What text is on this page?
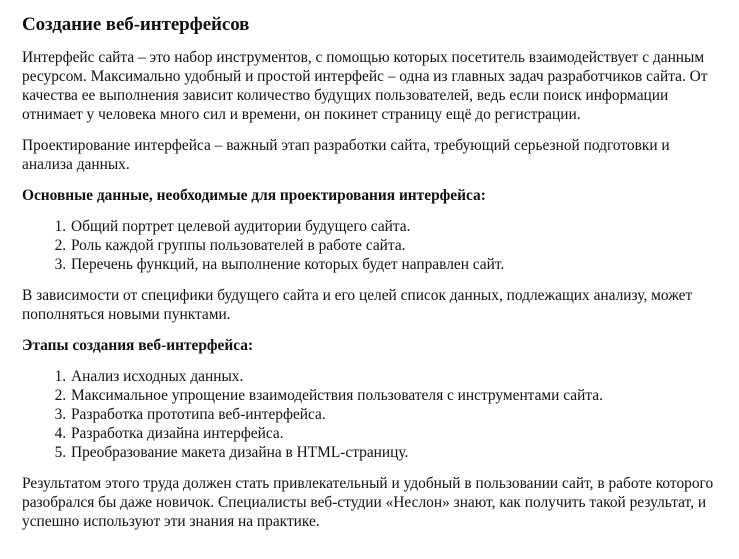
Создание веб-интерфейсов

Интерфейс сайта – это набор инструментов, с помощью которых посетитель взаимодействует с данным ресурсом. Максимально удобный и простой интерфейс – одна из главных задач разработчиков сайта. От качества ее выполнения зависит количество будущих пользователей, ведь если поиск информации отнимает у человека много сил и времени, он покинет страницу ещё до регистрации.

Проектирование интерфейса – важный этап разработки сайта, требующий серьезной подготовки и анализа данных.

Основные данные, необходимые для проектирования интерфейса:

1. Общий портрет целевой аудитории будущего сайта.
2. Роль каждой группы пользователей в работе сайта.
3. Перечень функций, на выполнение которых будет направлен сайт.

В зависимости от специфики будущего сайта и его целей список данных, подлежащих анализу, может пополняться новыми пунктами.

Этапы создания веб-интерфейса:

1. Анализ исходных данных.
2. Максимальное упрощение взаимодействия пользователя с инструментами сайта.
3. Разработка прототипа веб-интерфейса.
4. Разработка дизайна интерфейса.
5. Преобразование макета дизайна в HTML-страницу.

Результатом этого труда должен стать привлекательный и удобный в пользовании сайт, в работе которого разобрался бы даже новичок. Специалисты веб-студии «Неслон» знают, как получить такой результат, и успешно используют эти знания на практике.
